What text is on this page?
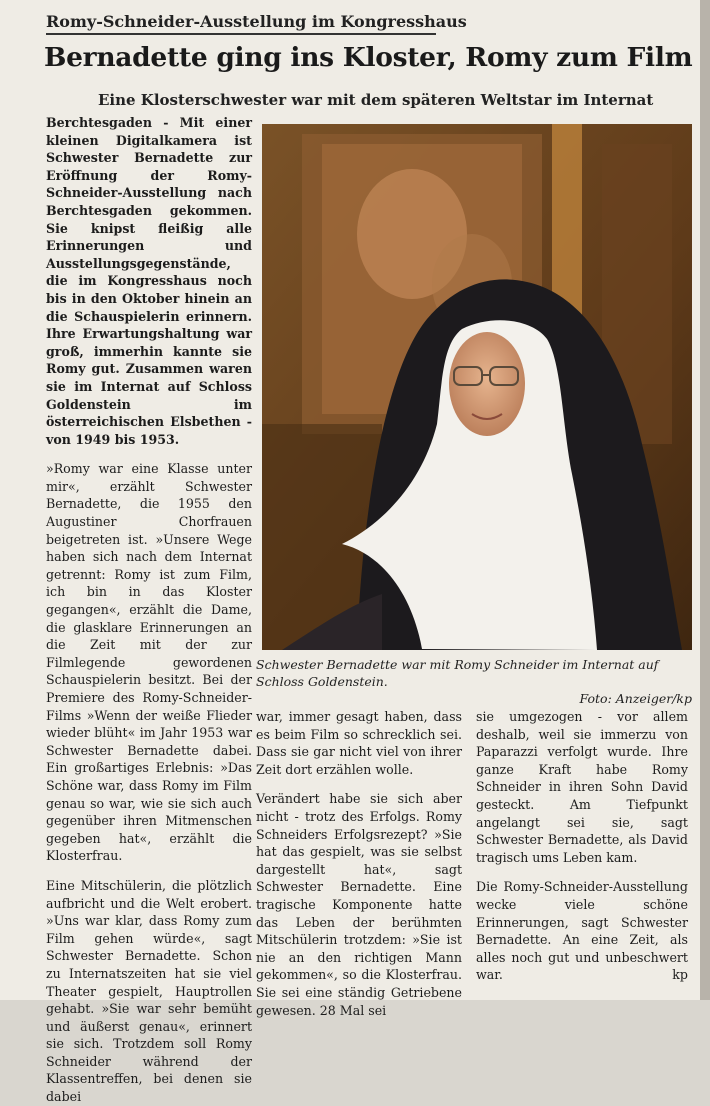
Romy-Schneider-Ausstellung im Kongresshaus
Bernadette ging ins Kloster, Romy zum Film
Eine Klosterschwester war mit dem späteren Weltstar im Internat

Berchtesgaden - Mit einer kleinen Digitalkamera ist Schwester Bernadette zur Eröffnung der Romy-Schneider-Ausstellung nach Berchtesgaden gekommen. Sie knipst fleißig alle Erinnerungen und Ausstellungsgegenstände, die im Kongresshaus noch bis in den Oktober hinein an die Schauspielerin erinnern. Ihre Erwartungshaltung war groß, immerhin kannte sie Romy gut. Zusammen waren sie im Internat auf Schloss Goldenstein im österreichischen Elsbethen - von 1949 bis 1953.

»Romy war eine Klasse unter mir«, erzählt Schwester Bernadette, die 1955 den Augustiner Chorfrauen beigetreten ist. »Unsere Wege haben sich nach dem Internat getrennt: Romy ist zum Film, ich bin in das Kloster gegangen«, erzählt die Dame, die glasklare Erinnerungen an die Zeit mit der zur Filmlegende gewordenen Schauspielerin besitzt. Bei der Premiere des Romy-Schneider-Films »Wenn der weiße Flieder wieder blüht« im Jahr 1953 war Schwester Bernadette dabei. Ein großartiges Erlebnis: »Das Schöne war, dass Romy im Film genau so war, wie sie sich auch gegenüber ihren Mitmenschen gegeben hat«, erzählt die Klosterfrau.

Eine Mitschülerin, die plötzlich aufbricht und die Welt erobert. »Uns war klar, dass Romy zum Film gehen würde«, sagt Schwester Bernadette. Schon zu Internatszeiten hat sie viel Theater gespielt, Hauptrollen gehabt. »Sie war sehr bemüht und äußerst genau«, erinnert sie sich. Trotzdem soll Romy Schneider während der Klassentreffen, bei denen sie dabei

Schwester Bernadette war mit Romy Schneider im Internat auf Schloss Goldenstein.
Foto: Anzeiger/kp

war, immer gesagt haben, dass es beim Film so schrecklich sei. Dass sie gar nicht viel von ihrer Zeit dort erzählen wolle.

Verändert habe sie sich aber nicht - trotz des Erfolgs. Romy Schneiders Erfolgsrezept? »Sie hat das gespielt, was sie selbst dargestellt hat«, sagt Schwester Bernadette. Eine tragische Komponente hatte das Leben der berühmten Mitschülerin trotzdem: »Sie ist nie an den richtigen Mann gekommen«, so die Klosterfrau. Sie sei eine ständig Getriebene gewesen. 28 Mal sei

sie umgezogen - vor allem deshalb, weil sie immerzu von Paparazzi verfolgt wurde. Ihre ganze Kraft habe Romy Schneider in ihren Sohn David gesteckt. Am Tiefpunkt angelangt sei sie, sagt Schwester Bernadette, als David tragisch ums Leben kam.

Die Romy-Schneider-Ausstellung wecke viele schöne Erinnerungen, sagt Schwester Bernadette. An eine Zeit, als alles noch gut und unbeschwert war.	kp
